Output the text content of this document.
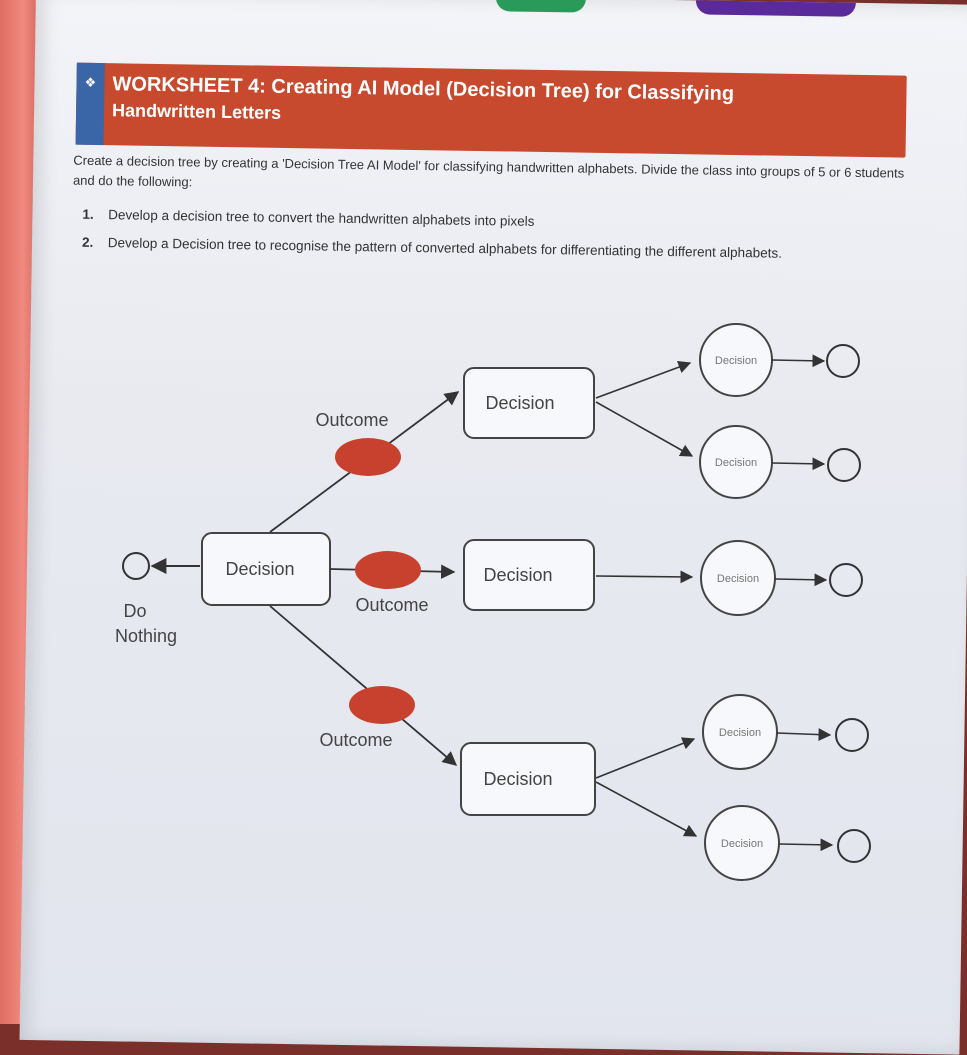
❖ WORKSHEET 4: Creating AI Model (Decision Tree) for Classifying
Handwritten Letters
Create a decision tree by creating a 'Decision Tree AI Model' for classifying handwritten alphabets. Divide the class into groups of 5 or 6 students and do the following:
1. Develop a decision tree to convert the handwritten alphabets into pixels
2. Develop a Decision tree to recognise the pattern of converted alphabets for differentiating the different alphabets.
Do
Nothing
Decision
Outcome
Decision
Outcome
Decision
Outcome
Decision
Decision
Decision
Decision
Decision
Decision
